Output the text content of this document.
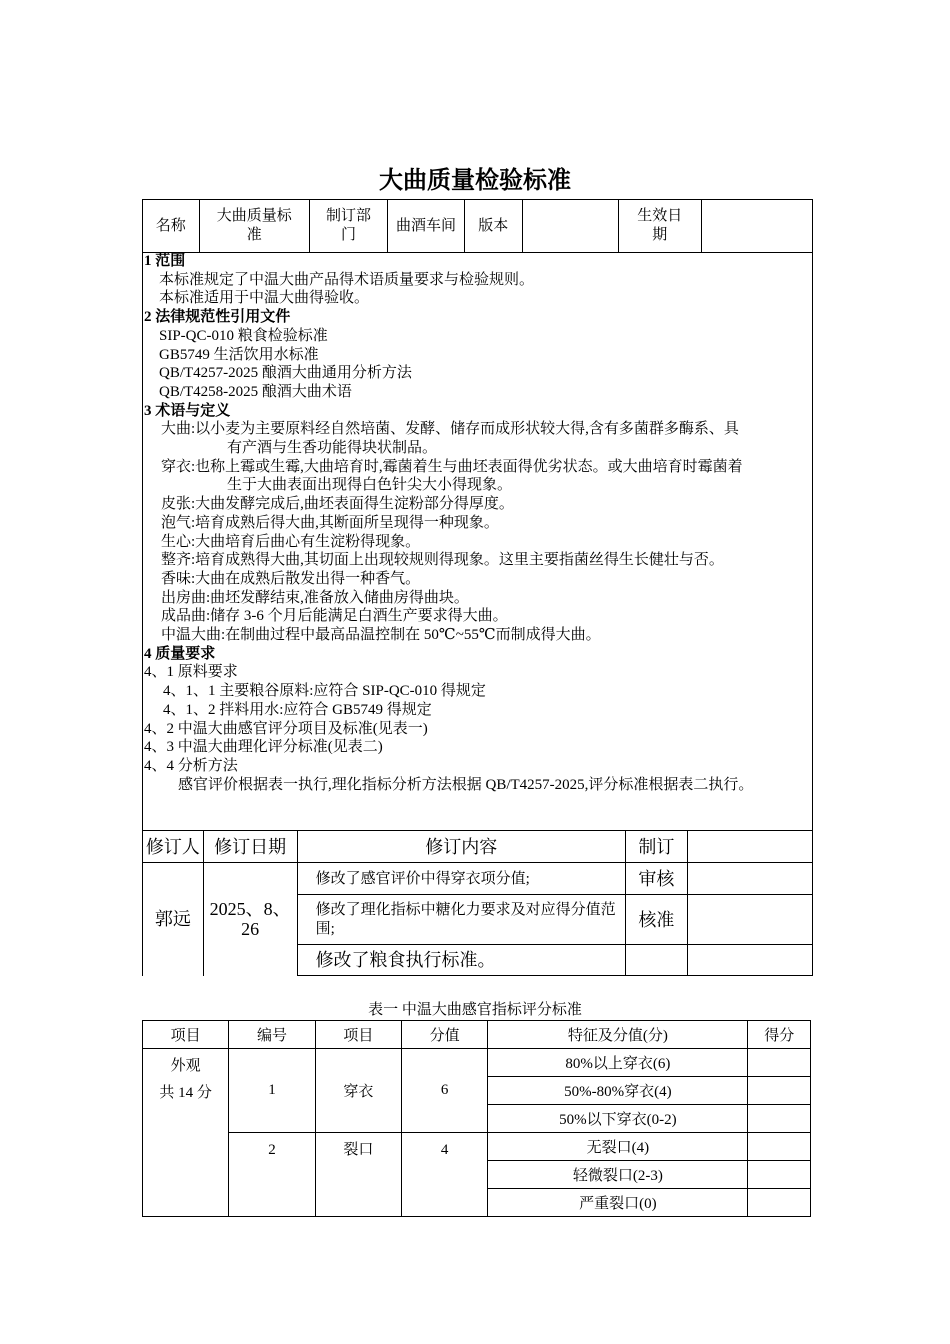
大曲质量检验标准
名称	大曲质量标准	制订部门	曲酒车间	版本		生效日期	
1 范围
本标准规定了中温大曲产品得术语质量要求与检验规则。
本标准适用于中温大曲得验收。
2 法律规范性引用文件
SIP-QC-010 粮食检验标准
GB5749 生活饮用水标准
QB/T4257-2025 酿酒大曲通用分析方法
QB/T4258-2025 酿酒大曲术语
3 术语与定义
大曲:以小麦为主要原料经自然培菌、发酵、储存而成形状较大得,含有多菌群多酶系、具
有产酒与生香功能得块状制品。
穿衣:也称上霉或生霉,大曲培育时,霉菌着生与曲坯表面得优劣状态。或大曲培育时霉菌着
生于大曲表面出现得白色针尖大小得现象。
皮张:大曲发酵完成后,曲坯表面得生淀粉部分得厚度。
泡气:培育成熟后得大曲,其断面所呈现得一种现象。
生心:大曲培育后曲心有生淀粉得现象。
整齐:培育成熟得大曲,其切面上出现较规则得现象。这里主要指菌丝得生长健壮与否。
香味:大曲在成熟后散发出得一种香气。
出房曲:曲坯发酵结束,准备放入储曲房得曲块。
成品曲:储存 3-6 个月后能满足白酒生产要求得大曲。
中温大曲:在制曲过程中最高品温控制在 50℃~55℃而制成得大曲。
4 质量要求
4、1 原料要求
4、1、1 主要粮谷原料:应符合 SIP-QC-010 得规定
4、1、2 拌料用水:应符合 GB5749 得规定
4、2 中温大曲感官评分项目及标准(见表一)
4、3 中温大曲理化评分标准(见表二)
4、4 分析方法
感官评价根据表一执行,理化指标分析方法根据 QB/T4257-2025,评分标准根据表二执行。
修订人	修订日期	修订内容	制订	
郭远	2025、8、26	修改了感官评价中得穿衣项分值;	审核	
		修改了理化指标中糖化力要求及对应得分值范围;	核准	
		修改了粮食执行标准。		
表一 中温大曲感官指标评分标准
项目	编号	项目	分值	特征及分值(分)	得分

外观
共 14 分	1	穿衣	6	80%以上穿衣(6)	
				50%-80%穿衣(4)	
				50%以下穿衣(0-2)	
	2	裂口	4	无裂口(4)	
				轻微裂口(2-3)	
				严重裂口(0)	
